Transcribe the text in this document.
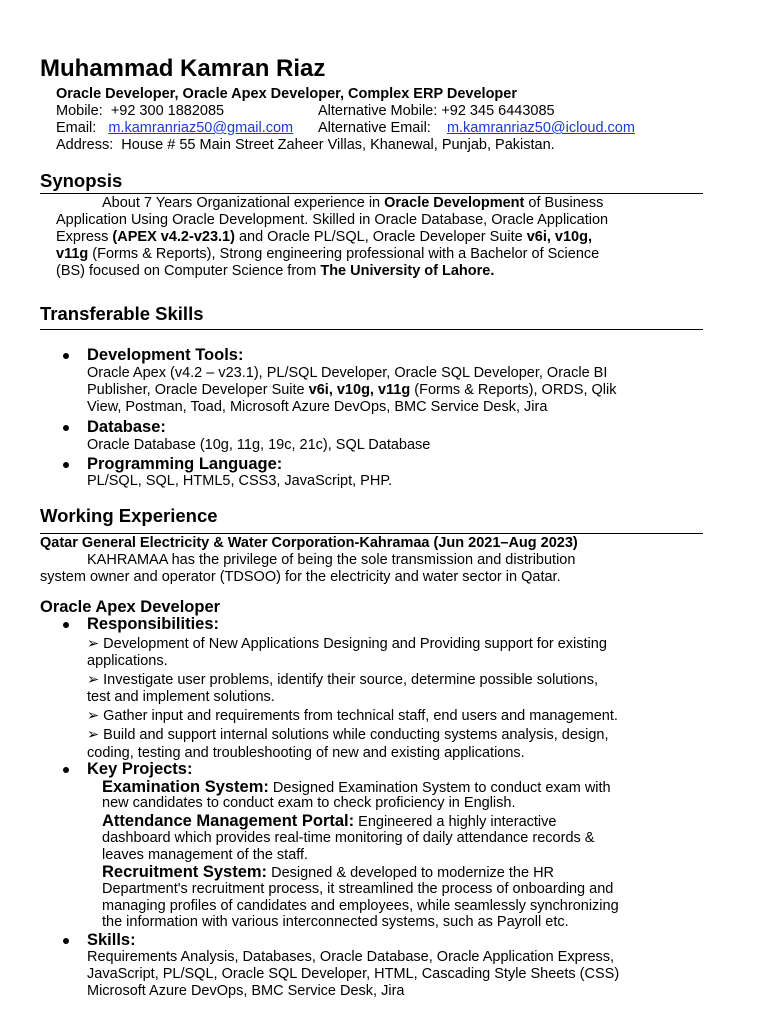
Muhammad Kamran Riaz
Oracle Developer, Oracle Apex Developer, Complex ERP Developer
Mobile: +92 300 1882085	Alternative Mobile: +92 345 6443085
Email: m.kamranriaz50@gmail.com Alternative Email: m.kamranriaz50@icloud.com
Address: House # 55 Main Street Zaheer Villas, Khanewal, Punjab, Pakistan.
Synopsis
About 7 Years Organizational experience in Oracle Development of Business
Application Using Oracle Development. Skilled in Oracle Database, Oracle Application
Express (APEX v4.2-v23.1) and Oracle PL/SQL, Oracle Developer Suite v6i, v10g,
v11g (Forms & Reports), Strong engineering professional with a Bachelor of Science
(BS) focused on Computer Science from The University of Lahore.
Transferable Skills
Development Tools:
Oracle Apex (v4.2 – v23.1), PL/SQL Developer, Oracle SQL Developer, Oracle BI
Publisher, Oracle Developer Suite v6i, v10g, v11g (Forms & Reports), ORDS, Qlik
View, Postman, Toad, Microsoft Azure DevOps, BMC Service Desk, Jira
Database:
Oracle Database (10g, 11g, 19c, 21c), SQL Database
Programming Language:
PL/SQL, SQL, HTML5, CSS3, JavaScript, PHP.
Working Experience
Qatar General Electricity & Water Corporation-Kahramaa (Jun 2021–Aug 2023)
KAHRAMAA has the privilege of being the sole transmission and distribution
system owner and operator (TDSOO) for the electricity and water sector in Qatar.
Oracle Apex Developer
Responsibilities:
➢ Development of New Applications Designing and Providing support for existing
applications.
➢ Investigate user problems, identify their source, determine possible solutions,
test and implement solutions.
➢ Gather input and requirements from technical staff, end users and management.
➢ Build and support internal solutions while conducting systems analysis, design,
coding, testing and troubleshooting of new and existing applications.
Key Projects:
Examination System: Designed Examination System to conduct exam with
new candidates to conduct exam to check proficiency in English.
Attendance Management Portal: Engineered a highly interactive
dashboard which provides real-time monitoring of daily attendance records &
leaves management of the staff.
Recruitment System: Designed & developed to modernize the HR
Department's recruitment process, it streamlined the process of onboarding and
managing profiles of candidates and employees, while seamlessly synchronizing
the information with various interconnected systems, such as Payroll etc.
Skills:
Requirements Analysis, Databases, Oracle Database, Oracle Application Express,
JavaScript, PL/SQL, Oracle SQL Developer, HTML, Cascading Style Sheets (CSS)
Microsoft Azure DevOps, BMC Service Desk, Jira
